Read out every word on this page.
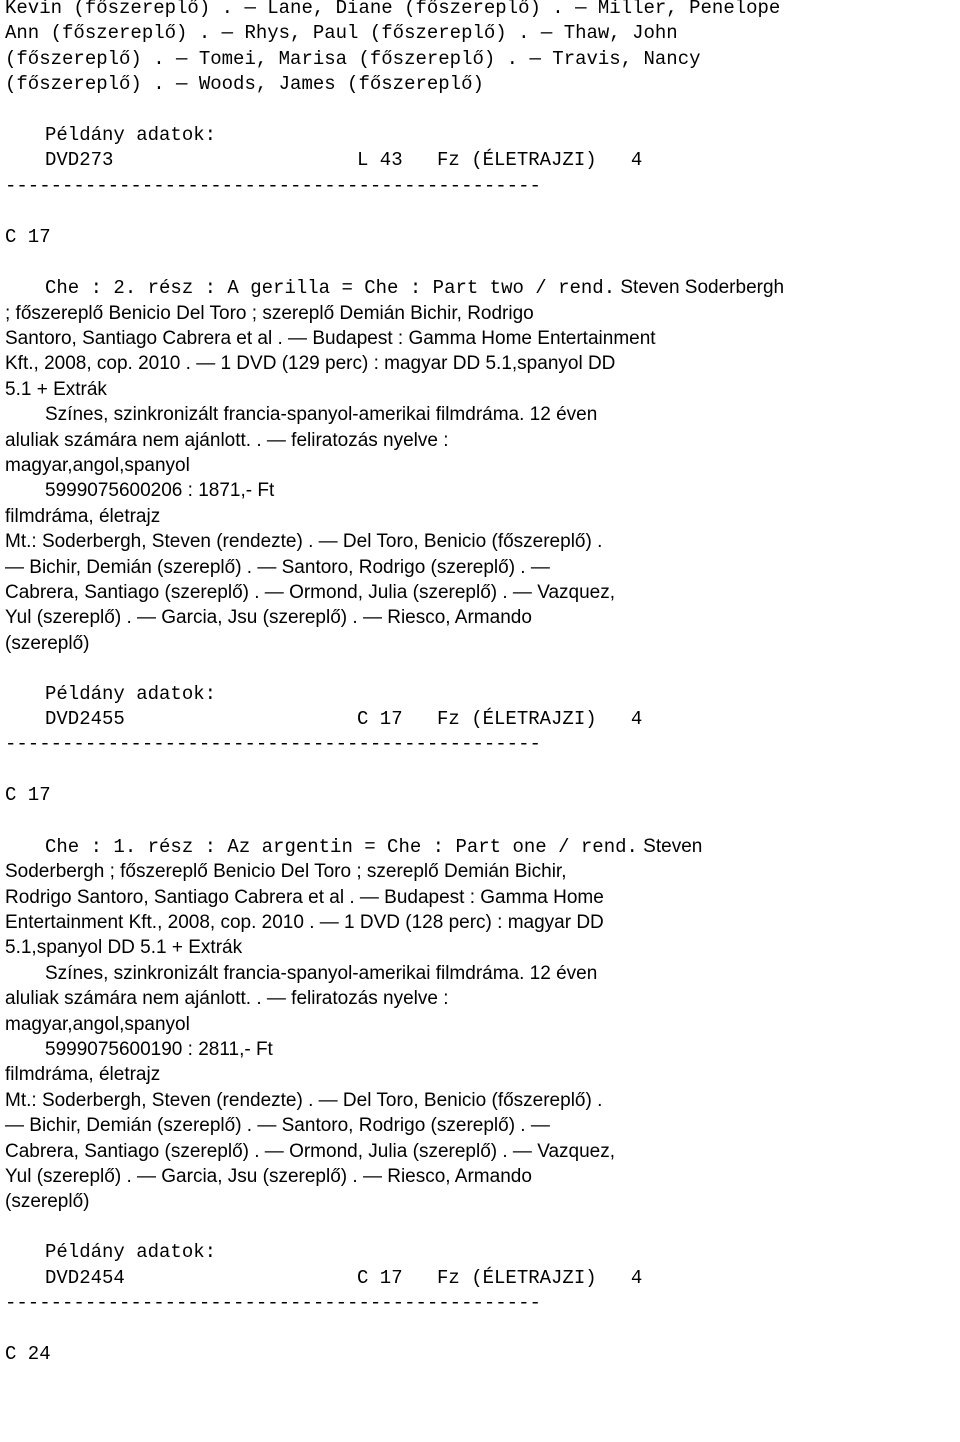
Kevin (főszereplő) . ― Lane, Diane (főszereplő) . ― Miller, Penelope
Ann (főszereplő) . ― Rhys, Paul (főszereplő) . ― Thaw, John
(főszereplő) . ― Tomei, Marisa (főszereplő) . ― Travis, Nancy
(főszereplő) . ― Woods, James (főszereplő)
Példány adatok:
DVD273	L 43 Fz (ÉLETRAJZI) 4
-----------------------------------------------
C 17
Che : 2. rész : A gerilla = Che : Part two / rend. Steven Soderbergh
; főszereplő Benicio Del Toro ; szereplő Demián Bichir, Rodrigo
Santoro, Santiago Cabrera et al . ― Budapest : Gamma Home Entertainment
Kft., 2008, cop. 2010 . ― 1 DVD (129 perc) : magyar DD 5.1,spanyol DD
5.1 + Extrák
Színes, szinkronizált francia-spanyol-amerikai filmdráma. 12 éven
aluliak számára nem ajánlott. . ― feliratozás nyelve :
magyar,angol,spanyol
5999075600206 : 1871,- Ft
filmdráma, életrajz
Mt.: Soderbergh, Steven (rendezte) . ― Del Toro, Benicio (főszereplő) .
― Bichir, Demián (szereplő) . ― Santoro, Rodrigo (szereplő) . ―
Cabrera, Santiago (szereplő) . ― Ormond, Julia (szereplő) . ― Vazquez,
Yul (szereplő) . ― Garcia, Jsu (szereplő) . ― Riesco, Armando
(szereplő)
Példány adatok:
DVD2455	C 17 Fz (ÉLETRAJZI) 4
-----------------------------------------------
C 17
Che : 1. rész : Az argentin = Che : Part one / rend. Steven
Soderbergh ; főszereplő Benicio Del Toro ; szereplő Demián Bichir,
Rodrigo Santoro, Santiago Cabrera et al . ― Budapest : Gamma Home
Entertainment Kft., 2008, cop. 2010 . ― 1 DVD (128 perc) : magyar DD
5.1,spanyol DD 5.1 + Extrák
Színes, szinkronizált francia-spanyol-amerikai filmdráma. 12 éven
aluliak számára nem ajánlott. . ― feliratozás nyelve :
magyar,angol,spanyol
5999075600190 : 2811,- Ft
filmdráma, életrajz
Mt.: Soderbergh, Steven (rendezte) . ― Del Toro, Benicio (főszereplő) .
― Bichir, Demián (szereplő) . ― Santoro, Rodrigo (szereplő) . ―
Cabrera, Santiago (szereplő) . ― Ormond, Julia (szereplő) . ― Vazquez,
Yul (szereplő) . ― Garcia, Jsu (szereplő) . ― Riesco, Armando
(szereplő)
Példány adatok:
DVD2454	C 17 Fz (ÉLETRAJZI) 4
-----------------------------------------------
C 24
